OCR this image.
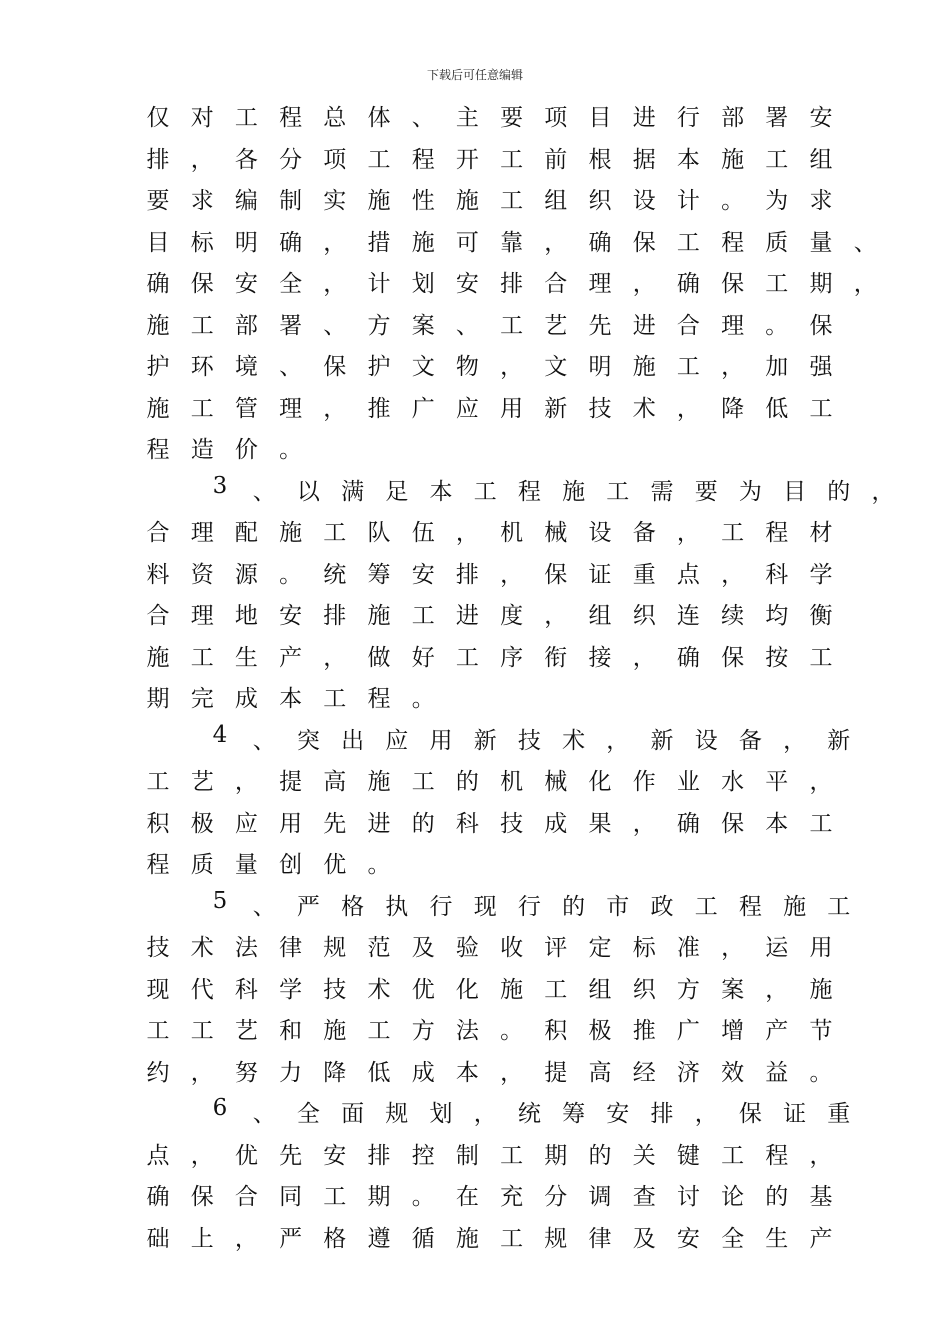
下载后可任意编辑
仅 对 工 程 总 体 、 主 要 项 目 进 行 部 署 安
排 ， 各 分 项 工 程 开 工 前 根 据 本 施 工 组
要 求 编 制 实 施 性 施 工 组 织 设 计 。 为 求
目 标 明 确 ， 措 施 可 靠 ， 确 保 工 程 质 量 、
确 保 安 全 ， 计 划 安 排 合 理 ， 确 保 工 期 ，
施 工 部 署 、 方 案 、 工 艺 先 进 合 理 。 保
护 环 境 、 保 护 文 物 ， 文 明 施 工 ， 加 强
施 工 管 理 ， 推 广 应 用 新 技 术 ， 降 低 工
程 造 价 。
3 、 以 满 足 本 工 程 施 工 需 要 为 目 的 ，
合 理 配 施 工 队 伍 ， 机 械 设 备 ， 工 程 材
料 资 源 。 统 筹 安 排 ， 保 证 重 点 ， 科 学
合 理 地 安 排 施 工 进 度 ， 组 织 连 续 均 衡
施 工 生 产 ， 做 好 工 序 衔 接 ， 确 保 按 工
期 完 成 本 工 程 。
4 、 突 出 应 用 新 技 术 ， 新 设 备 ， 新
工 艺 ， 提 高 施 工 的 机 械 化 作 业 水 平 ，
积 极 应 用 先 进 的 科 技 成 果 ， 确 保 本 工
程 质 量 创 优 。
5 、 严 格 执 行 现 行 的 市 政 工 程 施 工
技 术 法 律 规 范 及 验 收 评 定 标 准 ， 运 用
现 代 科 学 技 术 优 化 施 工 组 织 方 案 ， 施
工 工 艺 和 施 工 方 法 。 积 极 推 广 增 产 节
约 ， 努 力 降 低 成 本 ， 提 高 经 济 效 益 。
6 、 全 面 规 划 ， 统 筹 安 排 ， 保 证 重
点 ， 优 先 安 排 控 制 工 期 的 关 键 工 程 ，
确 保 合 同 工 期 。 在 充 分 调 查 讨 论 的 基
础 上 ， 严 格 遵 循 施 工 规 律 及 安 全 生 产
